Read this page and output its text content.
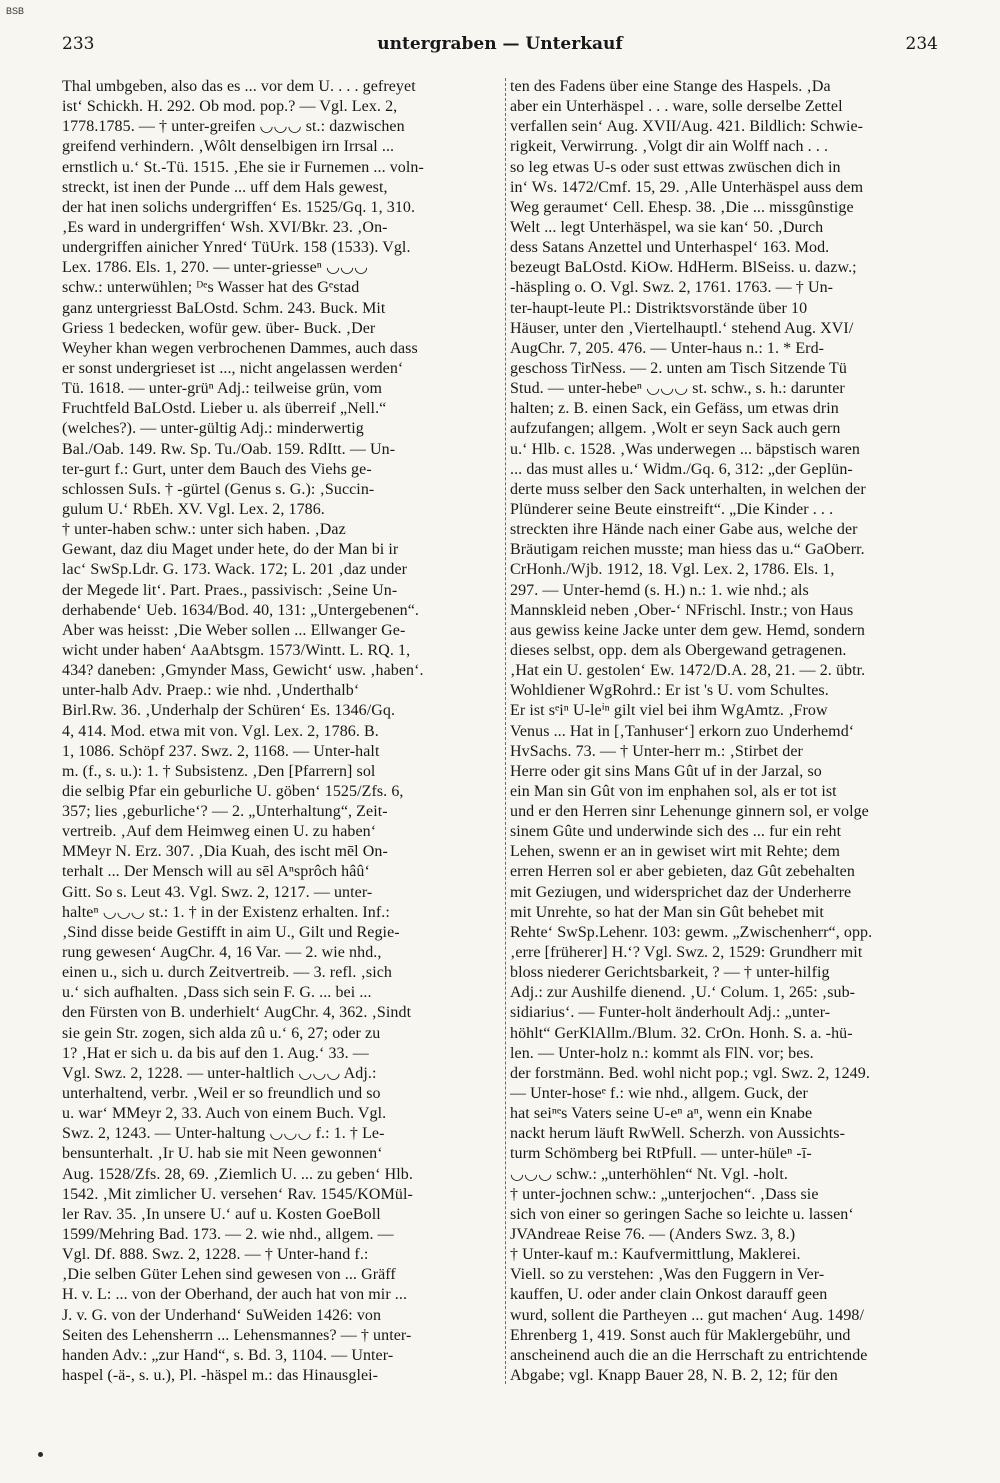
BSB
233	untergraben — Unterkauf	234
Thal umbgeben, also das es ... vor dem U. . . . gefreyet
ist‘ Schickh. H. 292. Ob mod. pop.? — Vgl. Lex. 2,
1778.1785. — † unter-greifen ◡◡◡ st.: dazwischen
greifend verhindern. ‚Wôlt denselbigen irn Irrsal ...
ernstlich u.‘ St.-Tü. 1515. ‚Ehe sie ir Furnemen ... voln-
streckt, ist inen der Punde ... uff dem Hals gewest,
der hat inen solichs undergriffen‘ Es. 1525/Gq. 1, 310.
‚Es ward in undergriffen‘ Wsh. XVI/Bkr. 23. ‚On-
undergriffen ainicher Ynred‘ TüUrk. 158 (1533). Vgl.
Lex. 1786. Els. 1, 270. — unter-griesseⁿ ◡◡◡
schw.: unterwühlen; ᴰᵉs Wasser hat des Gᵉstad
ganz untergriesst BaLOstd. Schm. 243. Buck. Mit
Griess 1 bedecken, wofür gew. über- Buck. ‚Der
Weyher khan wegen verbrochenen Dammes, auch dass
er sonst undergrieset ist ..., nicht angelassen werden‘
Tü. 1618. — unter-grüⁿ Adj.: teilweise grün, vom
Fruchtfeld BaLOstd. Lieber u. als überreif „Nell.“
(welches?). — unter-gültig Adj.: minderwertig
Bal./Oab. 149. Rw. Sp. Tu./Oab. 159. RdItt. — Un-
ter-gurt f.: Gurt, unter dem Bauch des Viehs ge-
schlossen SuIs. † -gürtel (Genus s. G.): ‚Succin-
gulum U.‘ RbEh. XV. Vgl. Lex. 2, 1786.
† unter-haben schw.: unter sich haben. ‚Daz
Gewant, daz diu Maget under hete, do der Man bi ir
lac‘ SwSp.Ldr. G. 173. Wack. 172; L. 201 ‚daz under
der Megede lit‘. Part. Praes., passivisch: ‚Seine Un-
derhabende‘ Ueb. 1634/Bod. 40, 131: „Untergebenen“.
Aber was heisst: ‚Die Weber sollen ... Ellwanger Ge-
wicht under haben‘ AaAbtsgm. 1573/Wintt. L. RQ. 1,
434? daneben: ‚Gmynder Mass, Gewicht‘ usw. ‚haben‘.
unter-halb Adv. Praep.: wie nhd. ‚Underthalb‘
Birl.Rw. 36. ‚Underhalp der Schüren‘ Es. 1346/Gq.
4, 414. Mod. etwa mit von. Vgl. Lex. 2, 1786. B.
1, 1086. Schöpf 237. Swz. 2, 1168. — Unter-halt
m. (f., s. u.): 1. † Subsistenz. ‚Den [Pfarrern] sol
die selbig Pfar ein geburliche U. göben‘ 1525/Zfs. 6,
357; lies ‚geburliche‘? — 2. „Unterhaltung“, Zeit-
vertreib. ‚Auf dem Heimweg einen U. zu haben‘
MMeyr N. Erz. 307. ‚Dia Kuah, des ischt mēl On-
terhalt ... Der Mensch will au sēl Aⁿsprôch hâû‘
Gitt. So s. Leut 43. Vgl. Swz. 2, 1217. — unter-
halteⁿ ◡◡◡ st.: 1. † in der Existenz erhalten. Inf.:
‚Sind disse beide Gestifft in aim U., Gilt und Regie-
rung gewesen‘ AugChr. 4, 16 Var. — 2. wie nhd.,
einen u., sich u. durch Zeitvertreib. — 3. refl. ‚sich
u.‘ sich aufhalten. ‚Dass sich sein F. G. ... bei ...
den Fürsten von B. underhielt‘ AugChr. 4, 362. ‚Sindt
sie gein Str. zogen, sich alda zû u.‘ 6, 27; oder zu
1? ‚Hat er sich u. da bis auf den 1. Aug.‘ 33. —
Vgl. Swz. 2, 1228. — unter-haltlich ◡◡◡ Adj.:
unterhaltend, verbr. ‚Weil er so freundlich und so
u. war‘ MMeyr 2, 33. Auch von einem Buch. Vgl.
Swz. 2, 1243. — Unter-haltung ◡◡◡ f.: 1. † Le-
bensunterhalt. ‚Ir U. hab sie mit Neen gewonnen‘
Aug. 1528/Zfs. 28, 69. ‚Ziemlich U. ... zu geben‘ Hlb.
1542. ‚Mit zimlicher U. versehen‘ Rav. 1545/KOMül-
ler Rav. 35. ‚In unsere U.‘ auf u. Kosten GoeBoll
1599/Mehring Bad. 173. — 2. wie nhd., allgem. —
Vgl. Df. 888. Swz. 2, 1228. — † Unter-hand f.:
‚Die selben Güter Lehen sind gewesen von ... Gräff
H. v. L: ... von der Oberhand, der auch hat von mir ...
J. v. G. von der Underhand‘ SuWeiden 1426: von
Seiten des Lehensherrn ... Lehensmannes? — † unter-
handen Adv.: „zur Hand“, s. Bd. 3, 1104. — Unter-
haspel (-ä-, s. u.), Pl. -häspel m.: das Hinausglei-
ten des Fadens über eine Stange des Haspels. ‚Da
aber ein Unterhäspel . . . ware, solle derselbe Zettel
verfallen sein‘ Aug. XVII/Aug. 421. Bildlich: Schwie-
rigkeit, Verwirrung. ‚Volgt dir ain Wolff nach . . .
so leg etwas U-s oder sust ettwas zwüschen dich in
in‘ Ws. 1472/Cmf. 15, 29. ‚Alle Unterhäspel auss dem
Weg geraumet‘ Cell. Ehesp. 38. ‚Die ... missgûnstige
Welt ... legt Unterhäspel, wa sie kan‘ 50. ‚Durch
dess Satans Anzettel und Unterhaspel‘ 163. Mod.
bezeugt BaLOstd. KiOw. HdHerm. BlSeiss. u. dazw.;
-häspling o. O. Vgl. Swz. 2, 1761. 1763. — † Un-
ter-haupt-leute Pl.: Distriktsvorstände über 10
Häuser, unter den ‚Viertelhauptl.‘ stehend Aug. XVI/
AugChr. 7, 205. 476. — Unter-haus n.: 1. * Erd-
geschoss TirNess. — 2. unten am Tisch Sitzende Tü
Stud. — unter-hebeⁿ ◡◡◡ st. schw., s. h.: darunter
halten; z. B. einen Sack, ein Gefäss, um etwas drin
aufzufangen; allgem. ‚Wolt er seyn Sack auch gern
u.‘ Hlb. c. 1528. ‚Was underwegen ... bäpstisch waren
... das must alles u.‘ Widm./Gq. 6, 312: „der Geplün-
derte muss selber den Sack unterhalten, in welchen der
Plünderer seine Beute einstreift“. „Die Kinder . . .
streckten ihre Hände nach einer Gabe aus, welche der
Bräutigam reichen musste; man hiess das u.“ GaOberr.
CrHonh./Wjb. 1912, 18. Vgl. Lex. 2, 1786. Els. 1,
297. — Unter-hemd (s. H.) n.: 1. wie nhd.; als
Mannskleid neben ‚Ober-‘ NFrischl. Instr.; von Haus
aus gewiss keine Jacke unter dem gew. Hemd, sondern
dieses selbst, opp. dem als Obergewand getragenen.
‚Hat ein U. gestolen‘ Ew. 1472/D.A. 28, 21. — 2. übtr.
Wohldiener WgRohrd.: Er ist 's U. vom Schultes.
Er ist sᵉiⁿ U-leⁱⁿ gilt viel bei ihm WgAmtz. ‚Frow
Venus ... Hat in [‚Tanhuser‘] erkorn zuo Underhemd‘
HvSachs. 73. — † Unter-herr m.: ‚Stirbet der
Herre oder git sins Mans Gût uf in der Jarzal, so
ein Man sin Gût von im enphahen sol, als er tot ist
und er den Herren sinr Lehenunge ginnern sol, er volge
sinem Gûte und underwinde sich des ... fur ein reht
Lehen, swenn er an in gewiset wirt mit Rehte; dem
erren Herren sol er aber gebieten, daz Gût zebehalten
mit Geziugen, und widersprichet daz der Underherre
mit Unrehte, so hat der Man sin Gût behebet mit
Rehte‘ SwSp.Lehenr. 103: gewm. „Zwischenherr“, opp.
‚erre [früherer] H.‘? Vgl. Swz. 2, 1529: Grundherr mit
bloss niederer Gerichtsbarkeit, ? — † unter-hilfig
Adj.: zur Aushilfe dienend. ‚U.‘ Colum. 1, 265: ‚sub-
sidiarius‘. — Funter-holt änderhoult Adj.: „unter-
höhlt“ GerKlAllm./Blum. 32. CrOn. Honh. S. a. -hü-
len. — Unter-holz n.: kommt als FlN. vor; bes.
der forstmänn. Bed. wohl nicht pop.; vgl. Swz. 2, 1249.
— Unter-hoseᵉ f.: wie nhd., allgem. Guck, der
hat seiⁿᵉs Vaters seine U-eⁿ aⁿ, wenn ein Knabe
nackt herum läuft RwWell. Scherzh. von Aussichts-
turm Schömberg bei RtPfull. — unter-hüleⁿ -ī-
◡◡◡ schw.: „unterhöhlen“ Nt. Vgl. -holt.
† unter-jochnen schw.: „unterjochen“. ‚Dass sie
sich von einer so geringen Sache so leichte u. lassen‘
JVAndreae Reise 76. — (Anders Swz. 3, 8.)
† Unter-kauf m.: Kaufvermittlung, Maklerei.
Viell. so zu verstehen: ‚Was den Fuggern in Ver-
kauffen, U. oder ander clain Onkost darauff geen
wurd, sollent die Partheyen ... gut machen‘ Aug. 1498/
Ehrenberg 1, 419. Sonst auch für Maklergebühr, und
anscheinend auch die an die Herrschaft zu entrichtende
Abgabe; vgl. Knapp Bauer 28, N. B. 2, 12; für den
